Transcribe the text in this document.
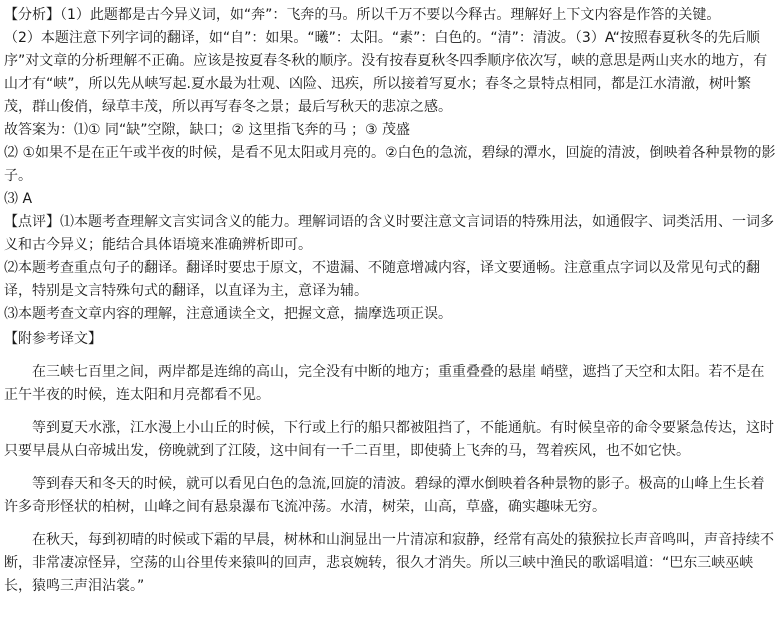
【分析】（1）此题都是古今异义词，如“奔”：飞奔的马。所以千万不要以今释古。理解好上下文内容是作答的关键。
（2）本题注意下列字词的翻译，如“自”：如果。“曦”：太阳。“素”：白色的。“清”：清波。（3）A“按照春夏秋冬的先后顺序”对文章的分析理解不正确。应该是按夏春冬秋的顺序。没有按春夏秋冬四季顺序依次写，峡的意思是两山夹水的地方，有山才有“峡”，所以先从峡写起.夏水最为壮观、凶险、迅疾，所以接着写夏水；春冬之景特点相同，都是江水清澈，树叶繁茂，群山俊俏，绿草丰茂，所以再写春冬之景；最后写秋天的悲凉之感。
故答案为：⑴① 同“缺”空隙，缺口；② 这里指飞奔的马 ；③ 茂盛
⑵ ①如果不是在正午或半夜的时候，是看不见太阳或月亮的。②白色的急流，碧绿的潭水，回旋的清波，倒映着各种景物的影子。
⑶ A
【点评】⑴本题考查理解文言实词含义的能力。理解词语的含义时要注意文言词语的特殊用法，如通假字、词类活用、一词多义和古今异义；能结合具体语境来准确辨析即可。
⑵本题考查重点句子的翻译。翻译时要忠于原文，不遗漏、不随意增减内容，译文要通畅。注意重点字词以及常见句式的翻译，特别是文言特殊句式的翻译，以直译为主，意译为辅。
⑶本题考查文章内容的理解，注意通读全文，把握文意，揣摩选项正误。
【附参考译文】

在三峡七百里之间，两岸都是连绵的高山，完全没有中断的地方；重重叠叠的悬崖 峭壁，遮挡了天空和太阳。若不是在正午半夜的时候，连太阳和月亮都看不见。

等到夏天水涨，江水漫上小山丘的时候，下行或上行的船只都被阻挡了，不能通航。有时候皇帝的命令要紧急传达，这时只要早晨从白帝城出发，傍晚就到了江陵，这中间有一千二百里，即使骑上飞奔的马，驾着疾风，也不如它快。

等到春天和冬天的时候，就可以看见白色的急流,回旋的清波。碧绿的潭水倒映着各种景物的影子。极高的山峰上生长着许多奇形怪状的柏树，山峰之间有悬泉瀑布飞流冲荡。水清，树荣，山高，草盛，确实趣味无穷。

在秋天，每到初晴的时候或下霜的早晨，树林和山涧显出一片清凉和寂静，经常有高处的猿猴拉长声音鸣叫，声音持续不断，非常凄凉怪异，空荡的山谷里传来猿叫的回声，悲哀婉转，很久才消失。所以三峡中渔民的歌谣唱道：“巴东三峡巫峡长，猿鸣三声泪沾裳。”
